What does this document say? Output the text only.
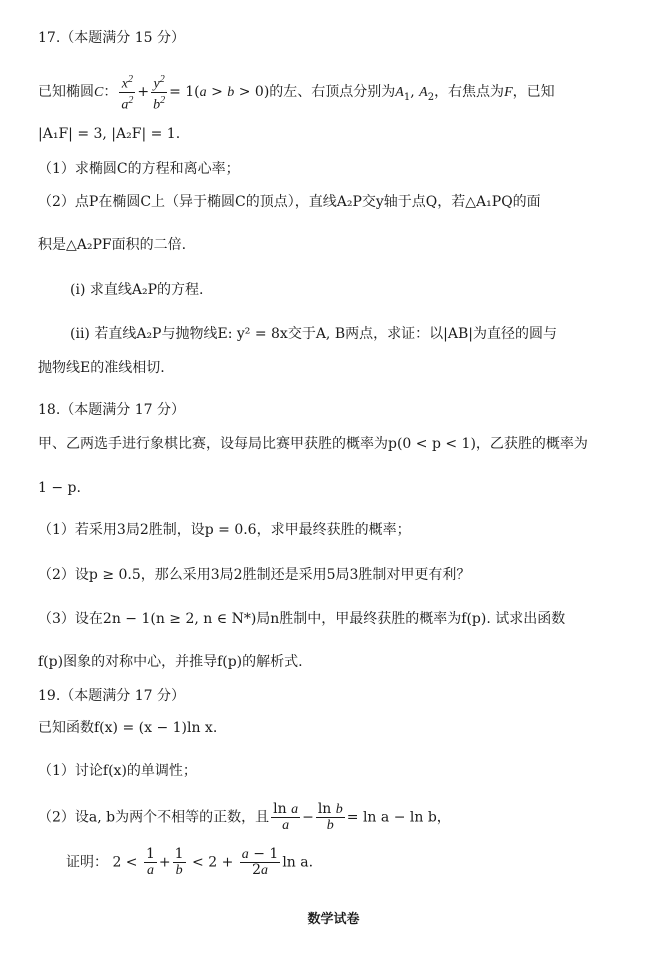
17.（本题满分 15 分）
已知椭圆C： $\frac{x^2}{a^2} + \frac{y^2}{b^2} = 1(a > b > 0)$的左、右顶点分别为$A_1$, $A_2$，右焦点为F，已知
|A₁F| = 3, |A₂F| = 1.
（1）求椭圆C的方程和离心率；
（2）点P在椭圆C上（异于椭圆C的顶点），直线A₂P交y轴于点Q，若△A₁PQ的面
积是△A₂PF面积的二倍.
(i) 求直线A₂P的方程.
(ii) 若直线A₂P与抛物线E: y² = 8x交于A, B两点，求证：以|AB|为直径的圆与
抛物线E的准线相切.
18.（本题满分 17 分）
甲、乙两选手进行象棋比赛，设每局比赛甲获胜的概率为p(0 < p < 1)，乙获胜的概率为
1 − p.
（1）若采用3局2胜制，设p = 0.6，求甲最终获胜的概率；
（2）设p ≥ 0.5，那么采用3局2胜制还是采用5局3胜制对甲更有利？
（3）设在2n − 1(n ≥ 2, n ∈ N*)局n胜制中，甲最终获胜的概率为f(p). 试求出函数
f(p)图象的对称中心，并推导f(p)的解析式.
19.（本题满分 17 分）
已知函数f(x) = (x − 1)ln x.
（1）讨论f(x)的单调性；
（2）设a, b为两个不相等的正数，且 $\frac{\text{ln a}}{a} - \frac{\text{ln b}}{b} = \ln a - \ln b$，
证明： $2 < \frac{1}{a} + \frac{1}{b} < 2 + \frac{a - 1}{2a}$ ln a.
数学试卷
